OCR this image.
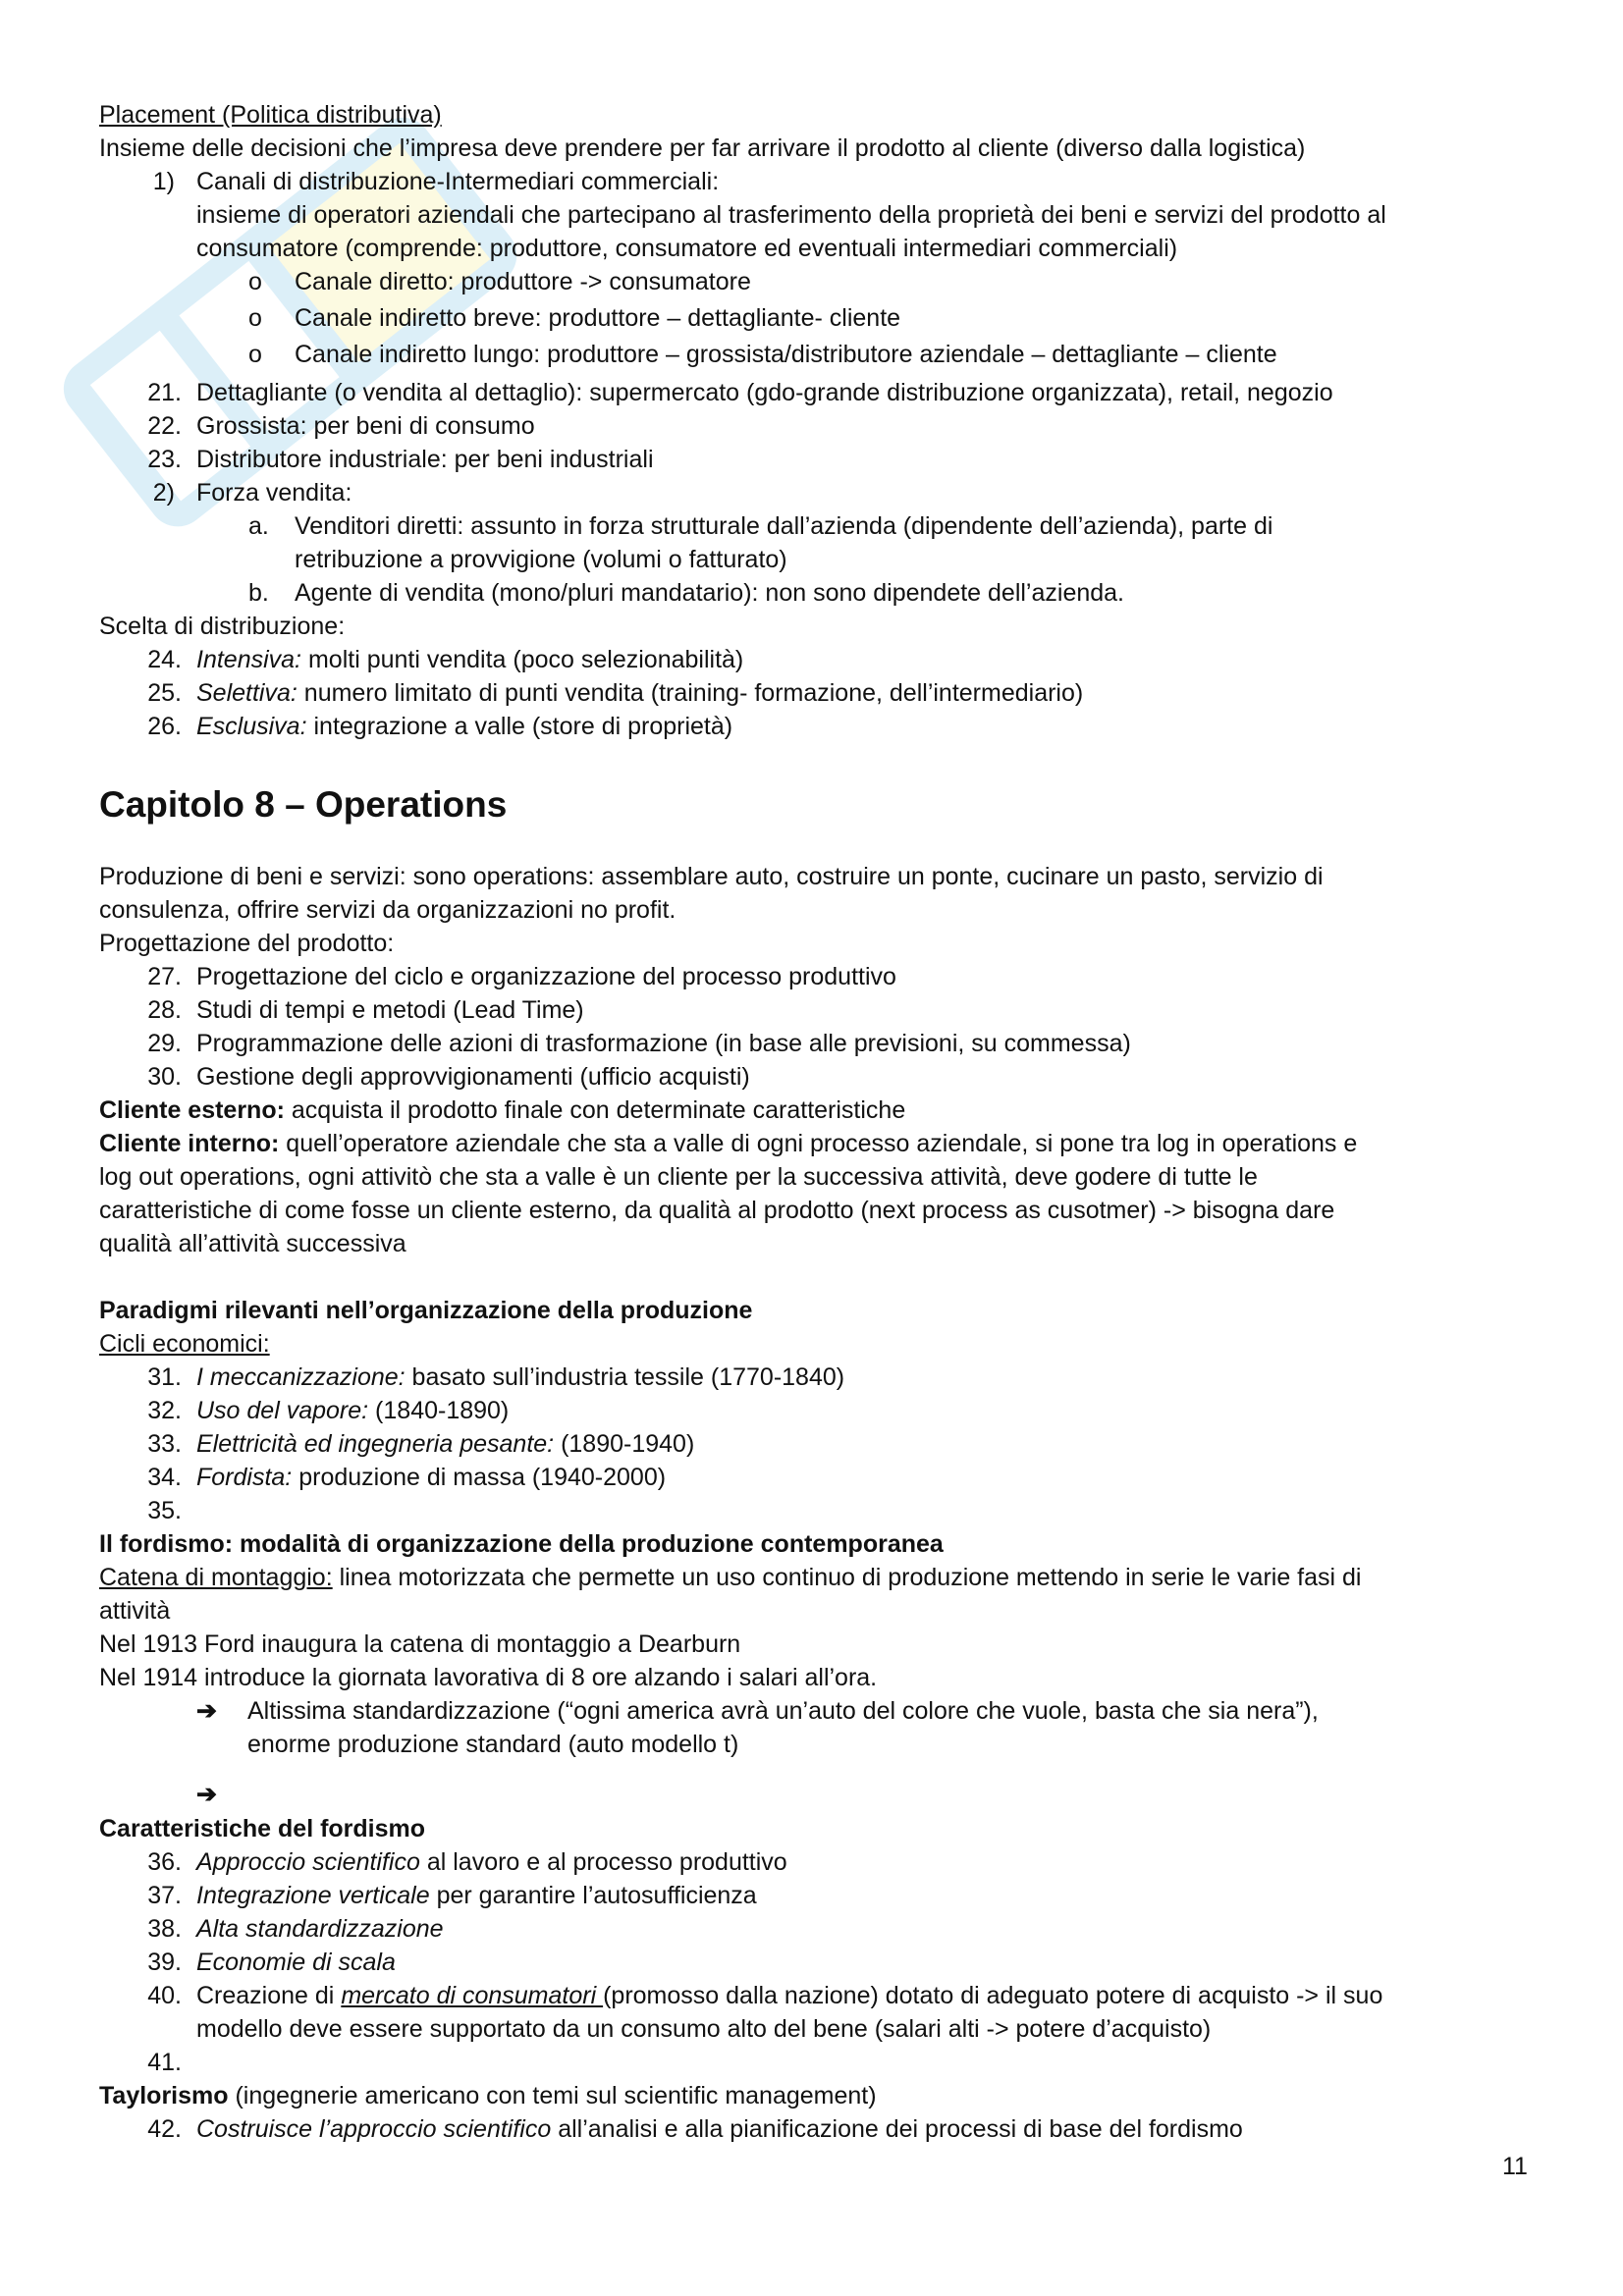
Placement (Politica distributiva)
Insieme delle decisioni che l’impresa deve prendere per far arrivare il prodotto al cliente (diverso dalla logistica)
1) Canali di distribuzione-Intermediari commerciali:
insieme di operatori aziendali che partecipano al trasferimento della proprietà dei beni e servizi del prodotto al
consumatore (comprende: produttore, consumatore ed eventuali intermediari commerciali)
o Canale diretto: produttore -> consumatore
o Canale indiretto breve: produttore – dettagliante- cliente
o Canale indiretto lungo: produttore – grossista/distributore aziendale – dettagliante – cliente
21. Dettagliante (o vendita al dettaglio): supermercato (gdo-grande distribuzione organizzata), retail, negozio
22. Grossista: per beni di consumo
23. Distributore industriale: per beni industriali
2) Forza vendita:
a. Venditori diretti: assunto in forza strutturale dall’azienda (dipendente dell’azienda), parte di
retribuzione a provvigione (volumi o fatturato)
b. Agente di vendita (mono/pluri mandatario): non sono dipendete dell’azienda.
Scelta di distribuzione:
24. Intensiva: molti punti vendita (poco selezionabilità)
25. Selettiva: numero limitato di punti vendita (training- formazione, dell’intermediario)
26. Esclusiva: integrazione a valle (store di proprietà)
Capitolo 8 – Operations
Produzione di beni e servizi: sono operations: assemblare auto, costruire un ponte, cucinare un pasto, servizio di
consulenza, offrire servizi da organizzazioni no profit.
Progettazione del prodotto:
27. Progettazione del ciclo e organizzazione del processo produttivo
28. Studi di tempi e metodi (Lead Time)
29. Programmazione delle azioni di trasformazione (in base alle previsioni, su commessa)
30. Gestione degli approvvigionamenti (ufficio acquisti)
Cliente esterno: acquista il prodotto finale con determinate caratteristiche
Cliente interno: quell’operatore aziendale che sta a valle di ogni processo aziendale, si pone tra log in operations e
log out operations, ogni attivitò che sta a valle è un cliente per la successiva attività, deve godere di tutte le
caratteristiche di come fosse un cliente esterno, da qualità al prodotto (next process as cusotmer) -> bisogna dare
qualità all’attività successiva
Paradigmi rilevanti nell’organizzazione della produzione
Cicli economici:
31. I meccanizzazione: basato sull’industria tessile (1770-1840)
32. Uso del vapore: (1840-1890)
33. Elettricità ed ingegneria pesante: (1890-1940)
34. Fordista: produzione di massa (1940-2000)
35.
Il fordismo: modalità di organizzazione della produzione contemporanea
Catena di montaggio: linea motorizzata che permette un uso continuo di produzione mettendo in serie le varie fasi di
attività
Nel 1913 Ford inaugura la catena di montaggio a Dearburn
Nel 1914 introduce la giornata lavorativa di 8 ore alzando i salari all’ora.
➔ Altissima standardizzazione (“ogni america avrà un’auto del colore che vuole, basta che sia nera”),
enorme produzione standard (auto modello t)
➔
Caratteristiche del fordismo
36. Approccio scientifico al lavoro e al processo produttivo
37. Integrazione verticale per garantire l’autosufficienza
38. Alta standardizzazione
39. Economie di scala
40. Creazione di mercato di consumatori (promosso dalla nazione) dotato di adeguato potere di acquisto -> il suo
modello deve essere supportato da un consumo alto del bene (salari alti -> potere d’acquisto)
41.
Taylorismo (ingegnerie americano con temi sul scientific management)
42. Costruisce l’approccio scientifico all’analisi e alla pianificazione dei processi di base del fordismo
11
